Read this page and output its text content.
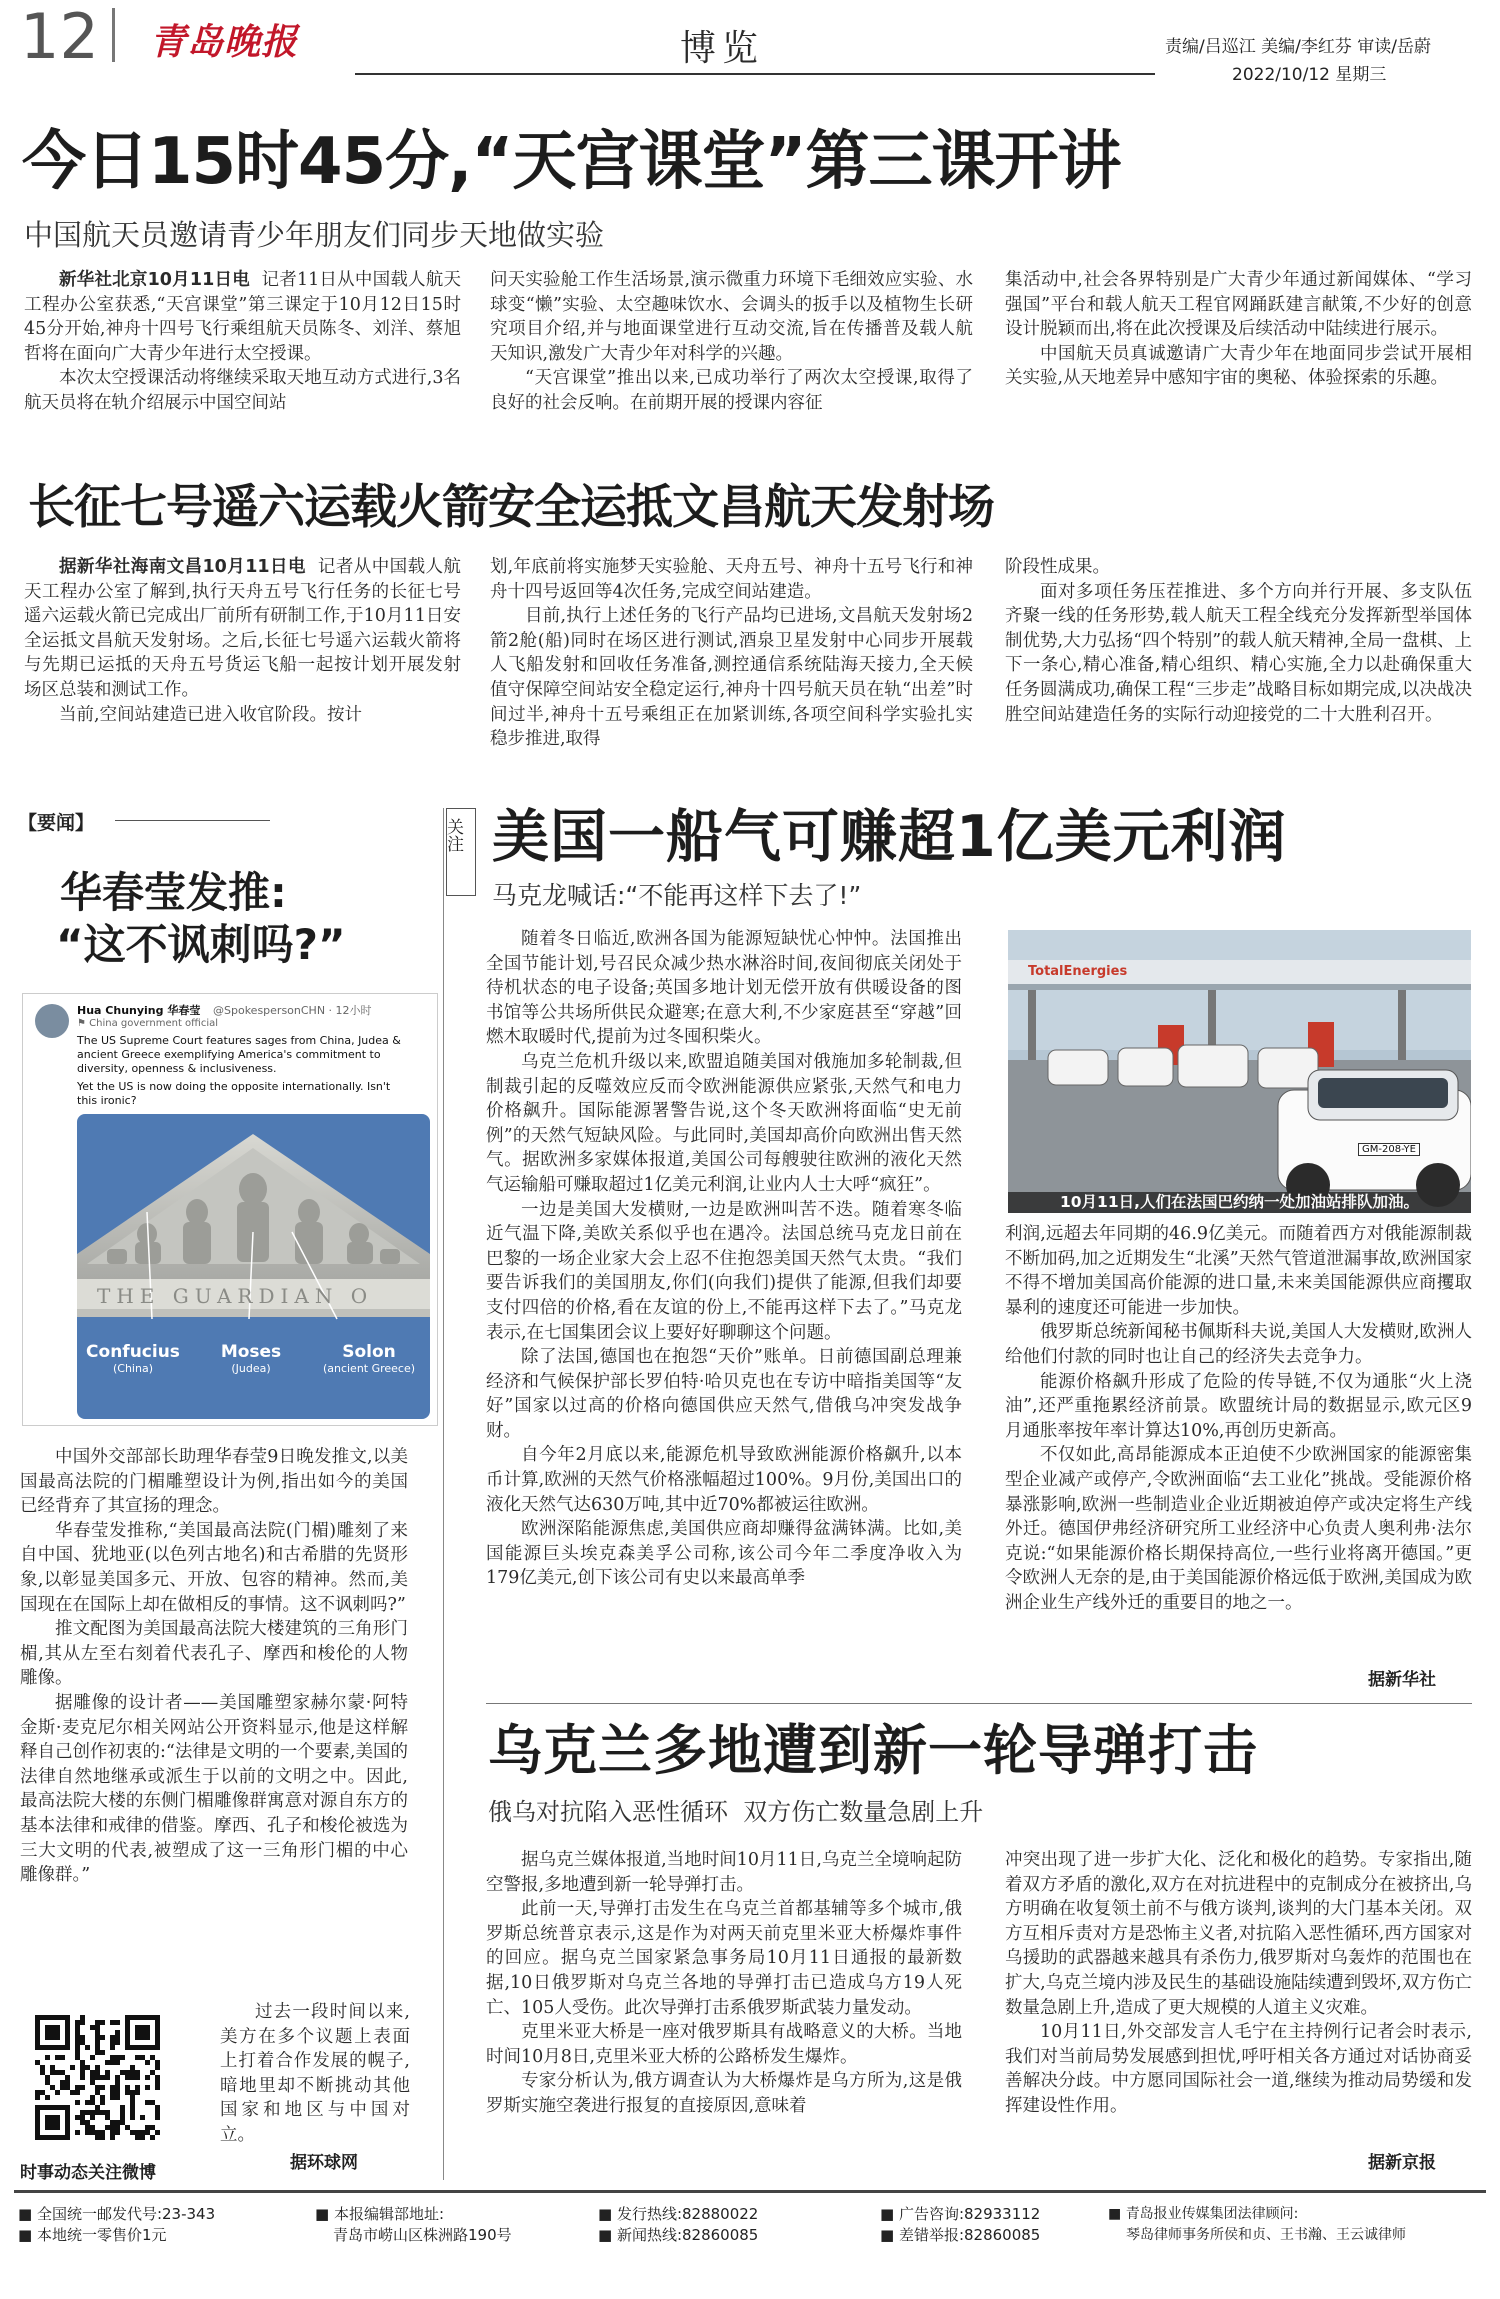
12 青岛晚报	博览	责编/吕巡江 美编/李红芬 审读/岳蔚
2022/10/12 星期三
今日15时45分,“天宫课堂”第三课开讲
中国航天员邀请青少年朋友们同步天地做实验

新华社北京10月11日电 记者11日从中国载人航天工程办公室获悉,“天宫课堂”第三课定于10月12日15时45分开始,神舟十四号飞行乘组航天员陈冬、刘洋、蔡旭哲将在面向广大青少年进行太空授课。

本次太空授课活动将继续采取天地互动方式进行,3名航天员将在轨介绍展示中国空间站

问天实验舱工作生活场景,演示微重力环境下毛细效应实验、水球变“懒”实验、太空趣味饮水、会调头的扳手以及植物生长研究项目介绍,并与地面课堂进行互动交流,旨在传播普及载人航天知识,激发广大青少年对科学的兴趣。

“天宫课堂”推出以来,已成功举行了两次太空授课,取得了良好的社会反响。在前期开展的授课内容征

集活动中,社会各界特别是广大青少年通过新闻媒体、“学习强国”平台和载人航天工程官网踊跃建言献策,不少好的创意设计脱颖而出,将在此次授课及后续活动中陆续进行展示。

中国航天员真诚邀请广大青少年在地面同步尝试开展相关实验,从天地差异中感知宇宙的奥秘、体验探索的乐趣。

长征七号遥六运载火箭安全运抵文昌航天发射场

据新华社海南文昌10月11日电 记者从中国载人航天工程办公室了解到,执行天舟五号飞行任务的长征七号遥六运载火箭已完成出厂前所有研制工作,于10月11日安全运抵文昌航天发射场。之后,长征七号遥六运载火箭将与先期已运抵的天舟五号货运飞船一起按计划开展发射场区总装和测试工作。

当前,空间站建造已进入收官阶段。按计

划,年底前将实施梦天实验舱、天舟五号、神舟十五号飞行和神舟十四号返回等4次任务,完成空间站建造。

目前,执行上述任务的飞行产品均已进场,文昌航天发射场2箭2舱(船)同时在场区进行测试,酒泉卫星发射中心同步开展载人飞船发射和回收任务准备,测控通信系统陆海天接力,全天候值守保障空间站安全稳定运行,神舟十四号航天员在轨“出差”时间过半,神舟十五号乘组正在加紧训练,各项空间科学实验扎实稳步推进,取得

阶段性成果。

面对多项任务压茬推进、多个方向并行开展、多支队伍齐聚一线的任务形势,载人航天工程全线充分发挥新型举国体制优势,大力弘扬“四个特别”的载人航天精神,全局一盘棋、上下一条心,精心准备,精心组织、精心实施,全力以赴确保重大任务圆满成功,确保工程“三步走”战略目标如期完成,以决战决胜空间站建造任务的实际行动迎接党的二十大胜利召开。

【要闻】
华春莹发推:
“这不讽刺吗?”
Hua Chunying 华春莹 @SpokespersonCHN · 12小时
⚑ China government official
The US Supreme Court features sages from China, Judea & ancient Greece exemplifying America's commitment to diversity, openness & inclusiveness.
Yet the US is now doing the opposite internationally. Isn't this ironic?
THE GUARDIAN O
Confucius
(China)
Moses
(Judea)
Solon
(ancient Greece)

中国外交部部长助理华春莹9日晚发推文,以美国最高法院的门楣雕塑设计为例,指出如今的美国已经背弃了其宣扬的理念。

华春莹发推称,“美国最高法院(门楣)雕刻了来自中国、犹地亚(以色列古地名)和古希腊的先贤形象,以彰显美国多元、开放、包容的精神。然而,美国现在在国际上却在做相反的事情。这不讽刺吗?”

推文配图为美国最高法院大楼建筑的三角形门楣,其从左至右刻着代表孔子、摩西和梭伦的人物雕像。

据雕像的设计者——美国雕塑家赫尔蒙·阿特金斯·麦克尼尔相关网站公开资料显示,他是这样解释自己创作初衷的:“法律是文明的一个要素,美国的法律自然地继承或派生于以前的文明之中。因此,最高法院大楼的东侧门楣雕像群寓意对源自东方的基本法律和戒律的借鉴。摩西、孔子和梭伦被选为三大文明的代表,被塑成了这一三角形门楣的中心雕像群。”

过去一段时间以来,美方在多个议题上表面上打着合作发展的幌子,暗地里却不断挑动其他国家和地区与中国对立。
据环球网
时事动态关注微博
关注 美国一船气可赚超1亿美元利润
马克龙喊话:“不能再这样下去了!”
TotalEnergies
GM-208-YE
10月11日,人们在法国巴约纳一处加油站排队加油。

随着冬日临近,欧洲各国为能源短缺忧心忡忡。法国推出全国节能计划,号召民众减少热水淋浴时间,夜间彻底关闭处于待机状态的电子设备;英国多地计划无偿开放有供暖设备的图书馆等公共场所供民众避寒;在意大利,不少家庭甚至“穿越”回燃木取暖时代,提前为过冬囤积柴火。

乌克兰危机升级以来,欧盟追随美国对俄施加多轮制裁,但制裁引起的反噬效应反而令欧洲能源供应紧张,天然气和电力价格飙升。国际能源署警告说,这个冬天欧洲将面临“史无前例”的天然气短缺风险。与此同时,美国却高价向欧洲出售天然气。据欧洲多家媒体报道,美国公司每艘驶往欧洲的液化天然气运输船可赚取超过1亿美元利润,让业内人士大呼“疯狂”。

一边是美国大发横财,一边是欧洲叫苦不迭。随着寒冬临近气温下降,美欧关系似乎也在遇冷。法国总统马克龙日前在巴黎的一场企业家大会上忍不住抱怨美国天然气太贵。“我们要告诉我们的美国朋友,你们(向我们)提供了能源,但我们却要支付四倍的价格,看在友谊的份上,不能再这样下去了。”马克龙表示,在七国集团会议上要好好聊聊这个问题。

除了法国,德国也在抱怨“天价”账单。日前德国副总理兼经济和气候保护部长罗伯特·哈贝克也在专访中暗指美国等“友好”国家以过高的价格向德国供应天然气,借俄乌冲突发战争财。

自今年2月底以来,能源危机导致欧洲能源价格飙升,以本币计算,欧洲的天然气价格涨幅超过100%。9月份,美国出口的液化天然气达630万吨,其中近70%都被运往欧洲。

欧洲深陷能源焦虑,美国供应商却赚得盆满钵满。比如,美国能源巨头埃克森美孚公司称,该公司今年二季度净收入为179亿美元,创下该公司有史以来最高单季

利润,远超去年同期的46.9亿美元。而随着西方对俄能源制裁不断加码,加之近期发生“北溪”天然气管道泄漏事故,欧洲国家不得不增加美国高价能源的进口量,未来美国能源供应商攫取暴利的速度还可能进一步加快。

俄罗斯总统新闻秘书佩斯科夫说,美国人大发横财,欧洲人给他们付款的同时也让自己的经济失去竞争力。

能源价格飙升形成了危险的传导链,不仅为通胀“火上浇油”,还严重拖累经济前景。欧盟统计局的数据显示,欧元区9月通胀率按年率计算达10%,再创历史新高。

不仅如此,高昂能源成本正迫使不少欧洲国家的能源密集型企业减产或停产,令欧洲面临“去工业化”挑战。受能源价格暴涨影响,欧洲一些制造业企业近期被迫停产或决定将生产线外迁。德国伊弗经济研究所工业经济中心负责人奥利弗·法尔克说:“如果能源价格长期保持高位,一些行业将离开德国。”更令欧洲人无奈的是,由于美国能源价格远低于欧洲,美国成为欧洲企业生产线外迁的重要目的地之一。

据新华社
乌克兰多地遭到新一轮导弹打击
俄乌对抗陷入恶性循环  双方伤亡数量急剧上升

据乌克兰媒体报道,当地时间10月11日,乌克兰全境响起防空警报,多地遭到新一轮导弹打击。

此前一天,导弹打击发生在乌克兰首都基辅等多个城市,俄罗斯总统普京表示,这是作为对两天前克里米亚大桥爆炸事件的回应。据乌克兰国家紧急事务局10月11日通报的最新数据,10日俄罗斯对乌克兰各地的导弹打击已造成乌方19人死亡、105人受伤。此次导弹打击系俄罗斯武装力量发动。

克里米亚大桥是一座对俄罗斯具有战略意义的大桥。当地时间10月8日,克里米亚大桥的公路桥发生爆炸。

专家分析认为,俄方调查认为大桥爆炸是乌方所为,这是俄罗斯实施空袭进行报复的直接原因,意味着

冲突出现了进一步扩大化、泛化和极化的趋势。专家指出,随着双方矛盾的激化,双方在对抗进程中的克制成分在被挤出,乌方明确在收复领土前不与俄方谈判,谈判的大门基本关闭。双方互相斥责对方是恐怖主义者,对抗陷入恶性循环,西方国家对乌援助的武器越来越具有杀伤力,俄罗斯对乌轰炸的范围也在扩大,乌克兰境内涉及民生的基础设施陆续遭到毁坏,双方伤亡数量急剧上升,造成了更大规模的人道主义灾难。

10月11日,外交部发言人毛宁在主持例行记者会时表示,我们对当前局势发展感到担忧,呼吁相关各方通过对话协商妥善解决分歧。中方愿同国际社会一道,继续为推动局势缓和发挥建设性作用。

据新京报
■ 全国统一邮发代号:23-343
■ 本地统一零售价1元
■ 本报编辑部地址:
青岛市崂山区株洲路190号
■ 发行热线:82880022
■ 新闻热线:82860085
■ 广告咨询:82933112
■ 差错举报:82860085
■ 青岛报业传媒集团法律顾问:
琴岛律师事务所侯和贞、王书瀚、王云诚律师
